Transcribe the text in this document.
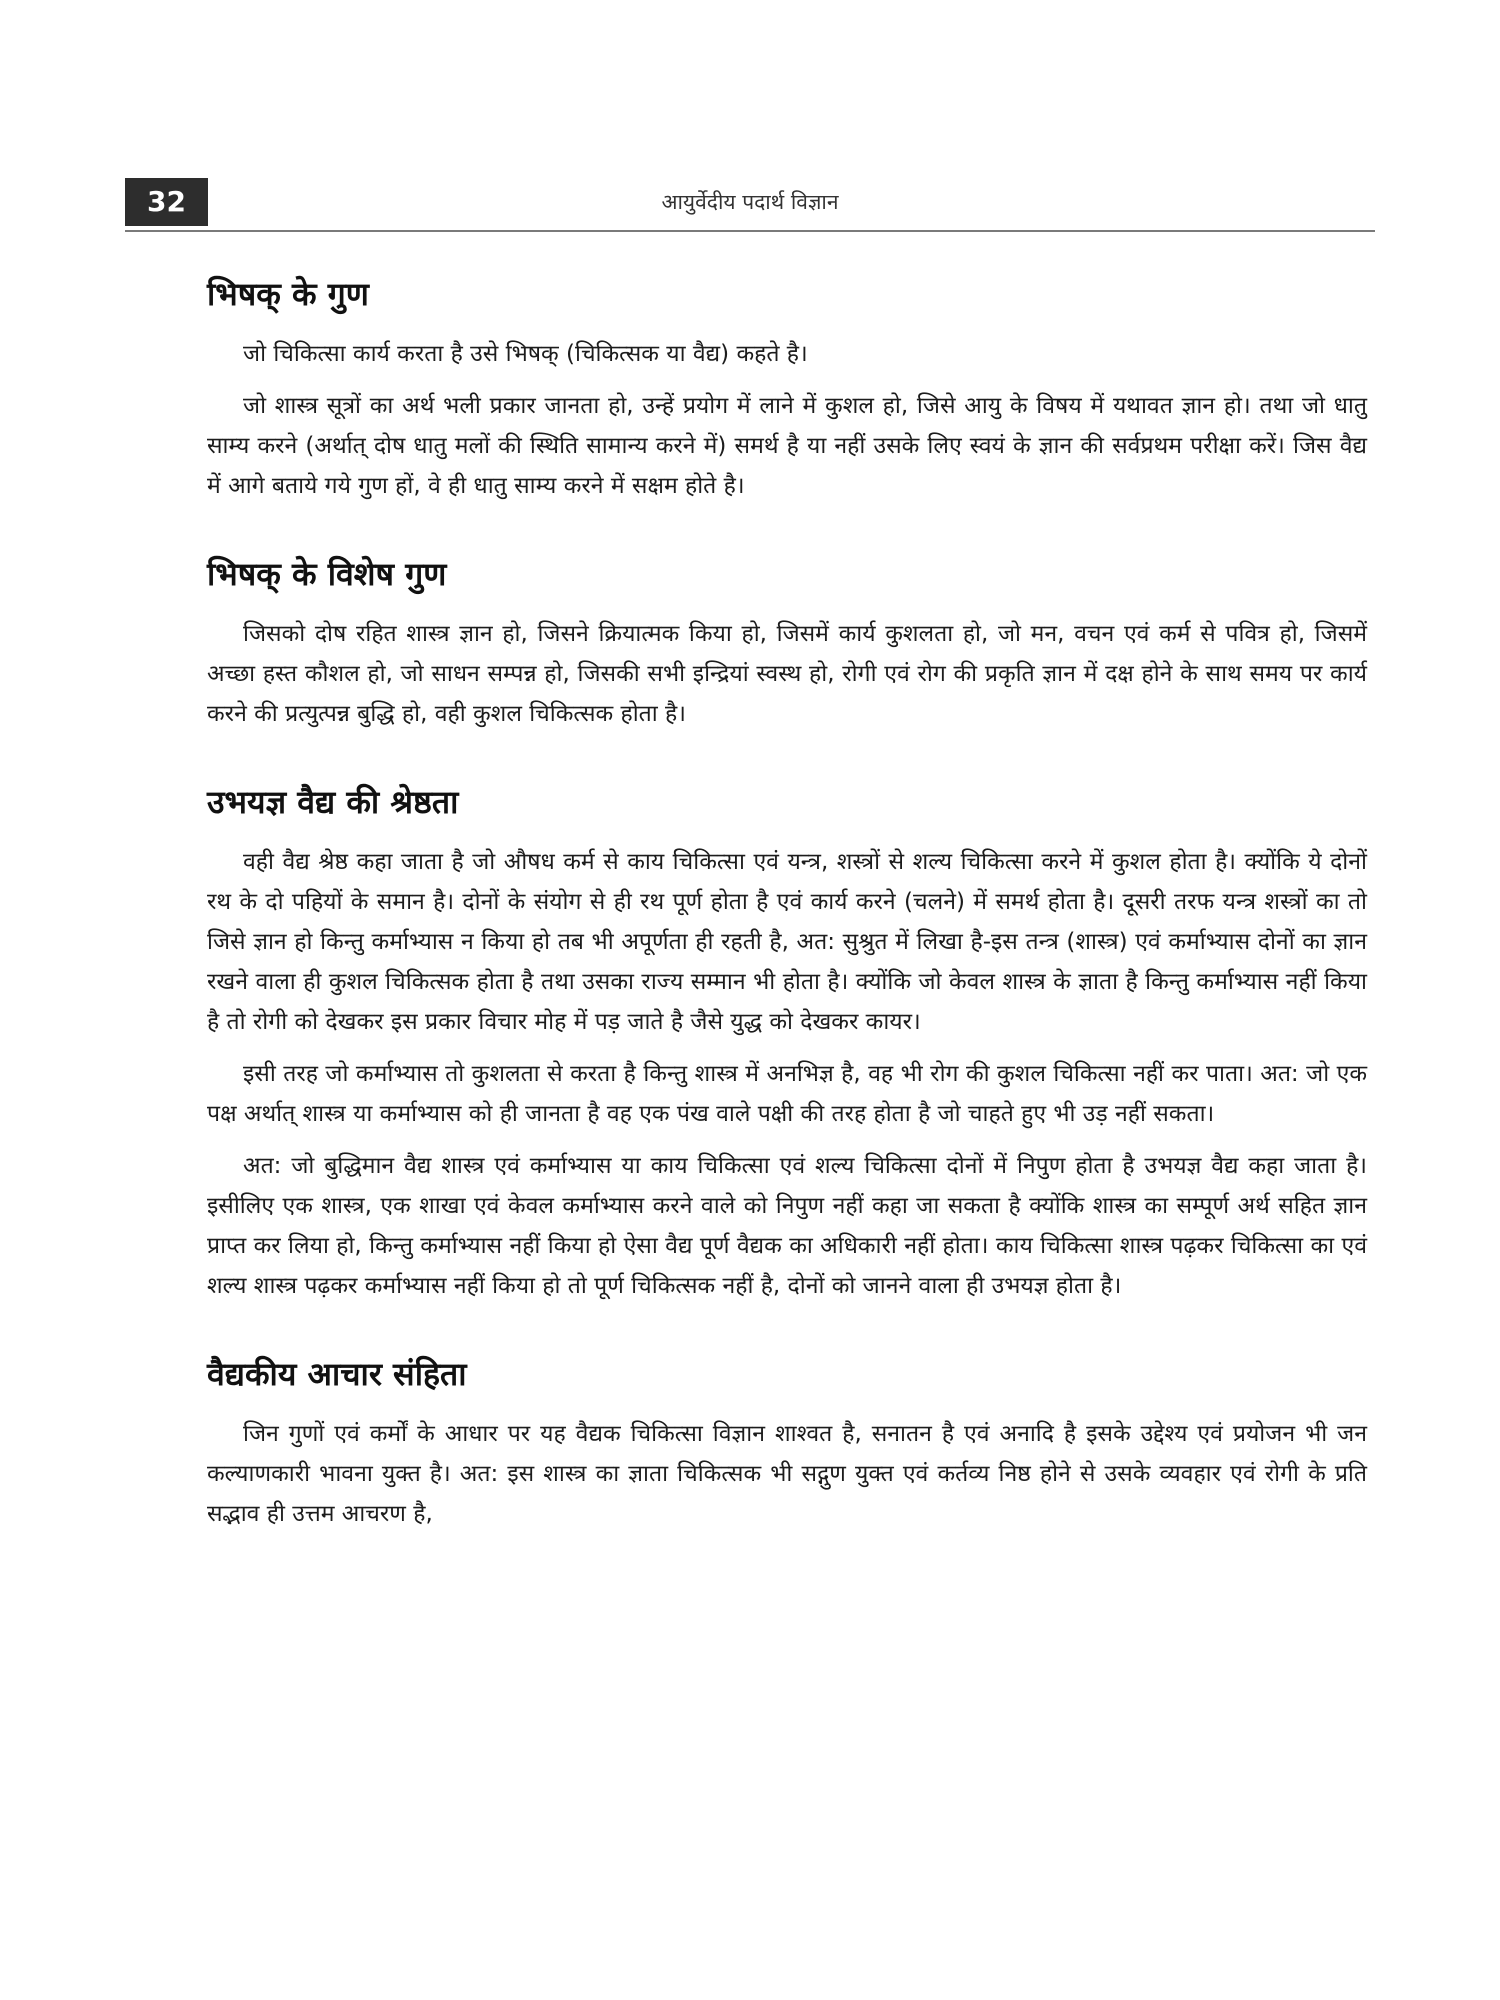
32	आयुर्वेदीय पदार्थ विज्ञान
भिषक् के गुण

जो चिकित्सा कार्य करता है उसे भिषक् (चिकित्सक या वैद्य) कहते है।

जो शास्त्र सूत्रों का अर्थ भली प्रकार जानता हो, उन्हें प्रयोग में लाने में कुशल हो, जिसे आयु के विषय में यथावत ज्ञान हो। तथा जो धातु साम्य करने (अर्थात् दोष धातु मलों की स्थिति सामान्य करने में) समर्थ है या नहीं उसके लिए स्वयं के ज्ञान की सर्वप्रथम परीक्षा करें। जिस वैद्य में आगे बताये गये गुण हों, वे ही धातु साम्य करने में सक्षम होते है।

भिषक् के विशेष गुण

जिसको दोष रहित शास्त्र ज्ञान हो, जिसने क्रियात्मक किया हो, जिसमें कार्य कुशलता हो, जो मन, वचन एवं कर्म से पवित्र हो, जिसमें अच्छा हस्त कौशल हो, जो साधन सम्पन्न हो, जिसकी सभी इन्द्रियां स्वस्थ हो, रोगी एवं रोग की प्रकृति ज्ञान में दक्ष होने के साथ समय पर कार्य करने की प्रत्युत्पन्न बुद्धि हो, वही कुशल चिकित्सक होता है।

उभयज्ञ वैद्य की श्रेष्ठता

वही वैद्य श्रेष्ठ कहा जाता है जो औषध कर्म से काय चिकित्सा एवं यन्त्र, शस्त्रों से शल्य चिकित्सा करने में कुशल होता है। क्योंकि ये दोनों रथ के दो पहियों के समान है। दोनों के संयोग से ही रथ पूर्ण होता है एवं कार्य करने (चलने) में समर्थ होता है। दूसरी तरफ यन्त्र शस्त्रों का तो जिसे ज्ञान हो किन्तु कर्माभ्यास न किया हो तब भी अपूर्णता ही रहती है, अत: सुश्रुत में लिखा है-इस तन्त्र (शास्त्र) एवं कर्माभ्यास दोनों का ज्ञान रखने वाला ही कुशल चिकित्सक होता है तथा उसका राज्य सम्मान भी होता है। क्योंकि जो केवल शास्त्र के ज्ञाता है किन्तु कर्माभ्यास नहीं किया है तो रोगी को देखकर इस प्रकार विचार मोह में पड़ जाते है जैसे युद्ध को देखकर कायर।

इसी तरह जो कर्माभ्यास तो कुशलता से करता है किन्तु शास्त्र में अनभिज्ञ है, वह भी रोग की कुशल चिकित्सा नहीं कर पाता। अत: जो एक पक्ष अर्थात् शास्त्र या कर्माभ्यास को ही जानता है वह एक पंख वाले पक्षी की तरह होता है जो चाहते हुए भी उड़ नहीं सकता।

अत: जो बुद्धिमान वैद्य शास्त्र एवं कर्माभ्यास या काय चिकित्सा एवं शल्य चिकित्सा दोनों में निपुण होता है उभयज्ञ वैद्य कहा जाता है। इसीलिए एक शास्त्र, एक शाखा एवं केवल कर्माभ्यास करने वाले को निपुण नहीं कहा जा सकता है क्योंकि शास्त्र का सम्पूर्ण अर्थ सहित ज्ञान प्राप्त कर लिया हो, किन्तु कर्माभ्यास नहीं किया हो ऐसा वैद्य पूर्ण वैद्यक का अधिकारी नहीं होता। काय चिकित्सा शास्त्र पढ़कर चिकित्सा का एवं शल्य शास्त्र पढ़कर कर्माभ्यास नहीं किया हो तो पूर्ण चिकित्सक नहीं है, दोनों को जानने वाला ही उभयज्ञ होता है।

वैद्यकीय आचार संहिता

जिन गुणों एवं कर्मों के आधार पर यह वैद्यक चिकित्सा विज्ञान शाश्वत है, सनातन है एवं अनादि है इसके उद्देश्य एवं प्रयोजन भी जन कल्याणकारी भावना युक्त है। अत: इस शास्त्र का ज्ञाता चिकित्सक भी सद्गुण युक्त एवं कर्तव्य निष्ठ होने से उसके व्यवहार एवं रोगी के प्रति सद्भाव ही उत्तम आचरण है,
